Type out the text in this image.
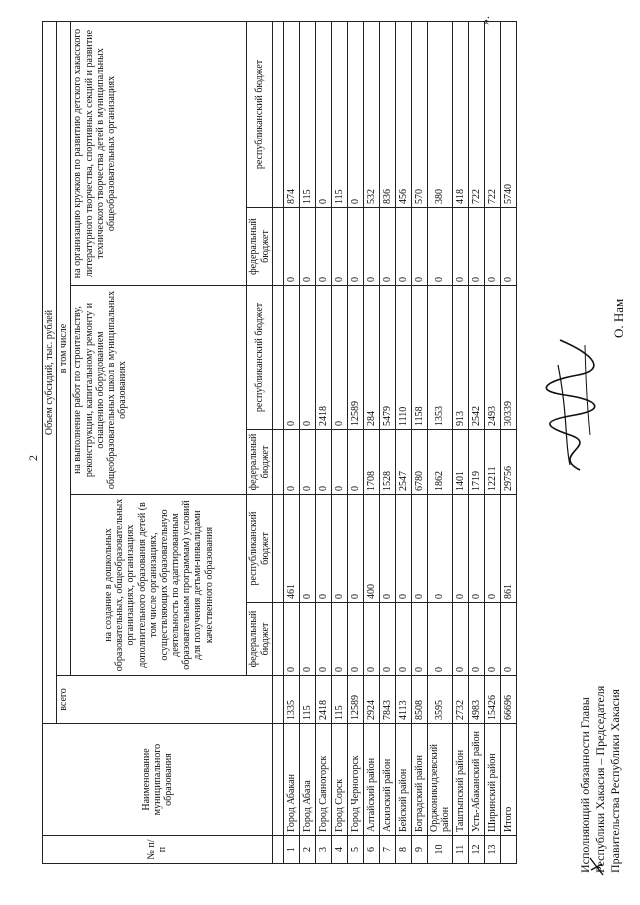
2
№ п/п	Наименование муниципального образования	Объем субсидий, тыс. рублей						
		всего	в том числе					
			на создание в дошкольных образовательных, общеобразовательных организациях, организациях дополнительного образования детей (в том числе организациях, осуществляющих образовательную деятельность по адаптированным образовательным программам) условий для получения детьми-инвалидами качественного образования		на выполнение работ по строительству, реконструкции, капитальному ремонту и оснащению оборудованием общеобразовательных школ в муниципальных образованиях		на организацию кружков по развитию детского хакасского литературного творчества, спортивных секций и развитие технического творчества детей в муниципальных общеобразовательных организациях	
			федеральный бюджет	республиканский бюджет	федеральный бюджет	республиканский бюджет	федеральный бюджет	республиканский бюджет

1	Город Абакан	1335	0	461	0	0	0	874
2	Город Абаза	115	0	0	0	0	0	115
3	Город Саяногорск	2418	0	0	0	2418	0	0
4	Город Сорск	115	0	0	0	0	0	115
5	Город Черногорск	12589	0	0	0	12589	0	0
6	Алтайский район	2924	0	400	1708	284	0	532
7	Аскизский район	7843	0	0	1528	5479	0	836
8	Бейский район	4113	0	0	2547	1110	0	456
9	Боградский район	8508	0	0	6780	1158	0	570
10	Орджоникидзевский район	3595	0	0	1862	1353	0	380
11	Таштыпский район	2732	0	0	1401	913	0	418
12	Усть-Абаканский район	4983	0	0	1719	2542	0	722
13	Ширинский район	15426	0	0	12211	2493	0	722
	Итого	66696	0	861	29756	30339	0	5740
».
Исполняющий обязанности Главы Республики Хакасия – Председателя Правительства Республики Хакасия
О. Нам
